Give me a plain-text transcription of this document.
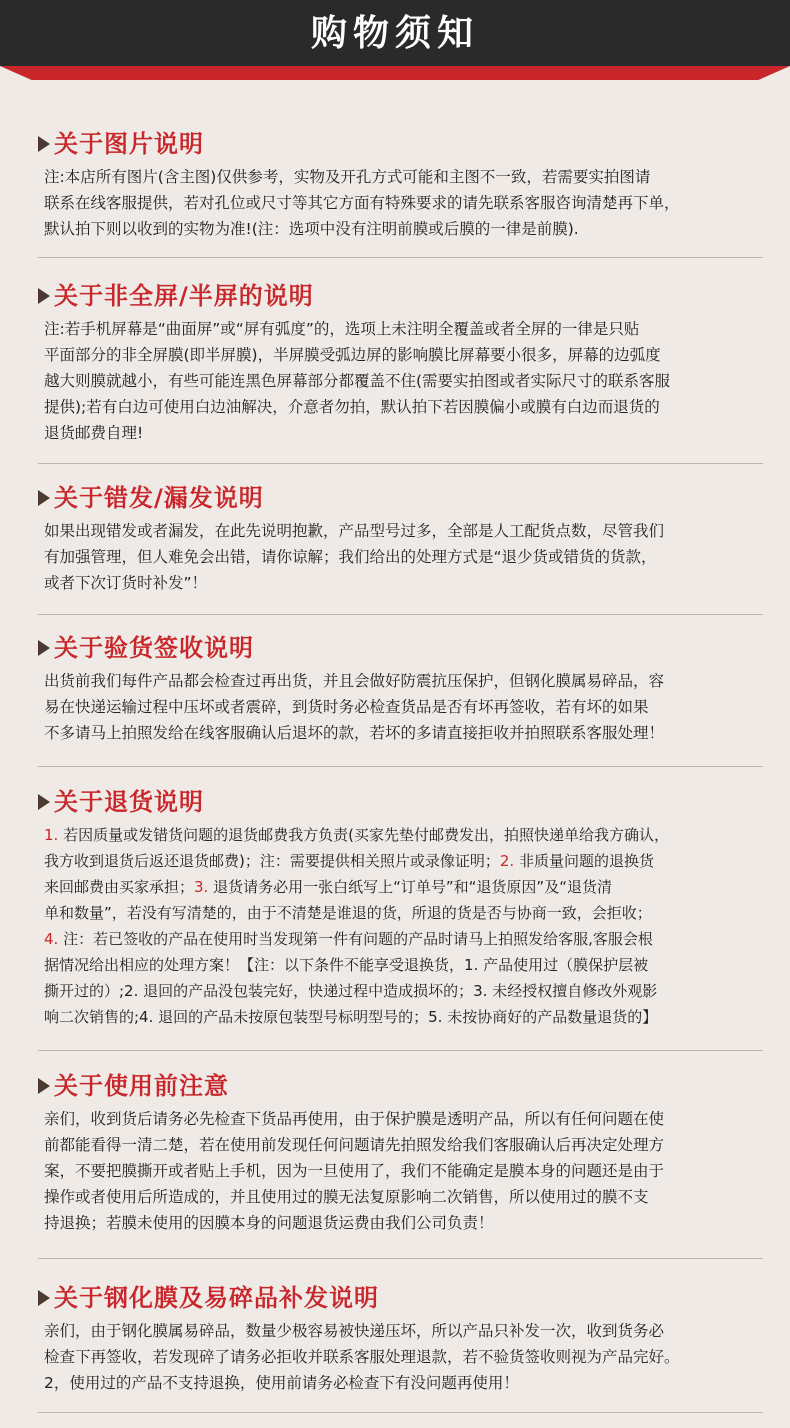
购物须知
关于图片说明

注:本店所有图片(含主图)仅供参考，实物及开孔方式可能和主图不一致，若需要实拍图请

联系在线客服提供，若对孔位或尺寸等其它方面有特殊要求的请先联系客服咨询清楚再下单，

默认拍下则以收到的实物为准!(注：选项中没有注明前膜或后膜的一律是前膜).

关于非全屏/半屏的说明

注:若手机屏幕是“曲面屏”或“屏有弧度”的，选项上未注明全覆盖或者全屏的一律是只贴

平面部分的非全屏膜(即半屏膜)，半屏膜受弧边屏的影响膜比屏幕要小很多，屏幕的边弧度

越大则膜就越小，有些可能连黑色屏幕部分都覆盖不住(需要实拍图或者实际尺寸的联系客服

提供);若有白边可使用白边油解决，介意者勿拍，默认拍下若因膜偏小或膜有白边而退货的

退货邮费自理!

关于错发/漏发说明

如果出现错发或者漏发，在此先说明抱歉，产品型号过多，全部是人工配货点数，尽管我们

有加强管理，但人难免会出错，请你谅解；我们给出的处理方式是“退少货或错货的货款，

或者下次订货时补发”！

关于验货签收说明

出货前我们每件产品都会检查过再出货，并且会做好防震抗压保护，但钢化膜属易碎品，容

易在快递运输过程中压坏或者震碎，到货时务必检查货品是否有坏再签收，若有坏的如果

不多请马上拍照发给在线客服确认后退坏的款，若坏的多请直接拒收并拍照联系客服处理！

关于退货说明

1. 若因质量或发错货问题的退货邮费我方负责(买家先垫付邮费发出，拍照快递单给我方确认，

我方收到退货后返还退货邮费)；注：需要提供相关照片或录像证明；2. 非质量问题的退换货

来回邮费由买家承担；3. 退货请务必用一张白纸写上“订单号”和“退货原因”及“退货清

单和数量”，若没有写清楚的，由于不清楚是谁退的货，所退的货是否与协商一致，会拒收；

4. 注：若已签收的产品在使用时当发现第一件有问题的产品时请马上拍照发给客服,客服会根

据情况给出相应的处理方案！【注：以下条件不能享受退换货，1. 产品使用过（膜保护层被

撕开过的）;2. 退回的产品没包装完好，快递过程中造成损坏的；3. 未经授权擅自修改外观影

响二次销售的;4. 退回的产品未按原包装型号标明型号的；5. 未按协商好的产品数量退货的】

关于使用前注意

亲们，收到货后请务必先检查下货品再使用，由于保护膜是透明产品，所以有任何问题在使

前都能看得一清二楚，若在使用前发现任何问题请先拍照发给我们客服确认后再决定处理方

案，不要把膜撕开或者贴上手机，因为一旦使用了，我们不能确定是膜本身的问题还是由于

操作或者使用后所造成的，并且使用过的膜无法复原影响二次销售，所以使用过的膜不支

持退换；若膜未使用的因膜本身的问题退货运费由我们公司负责！

关于钢化膜及易碎品补发说明

亲们，由于钢化膜属易碎品，数量少极容易被快递压坏，所以产品只补发一次，收到货务必

检查下再签收，若发现碎了请务必拒收并联系客服处理退款，若不验货签收则视为产品完好。

2，使用过的产品不支持退换，使用前请务必检查下有没问题再使用！
